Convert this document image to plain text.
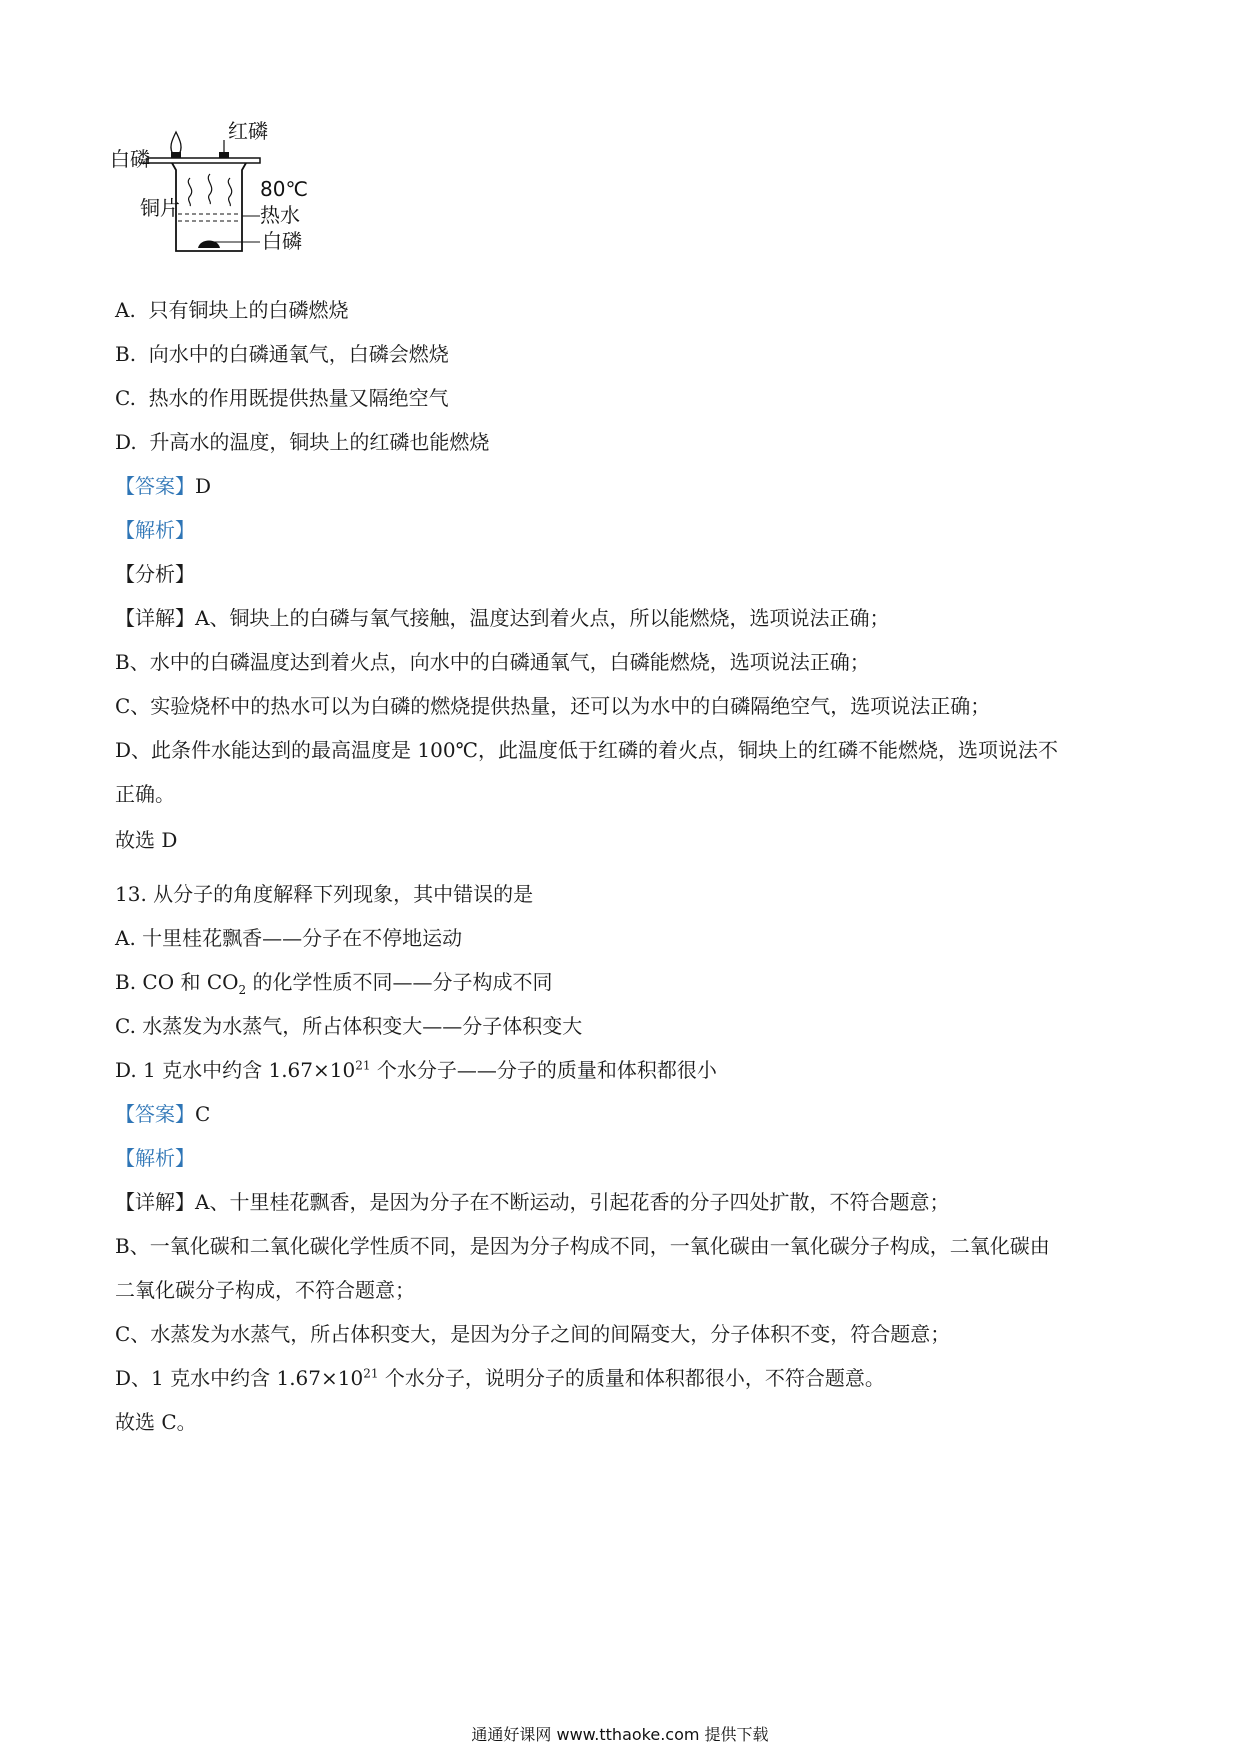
红磷
白磷
铜片
80℃
热水
白磷
A. 只有铜块上的白磷燃烧
B. 向水中的白磷通氧气，白磷会燃烧
C. 热水的作用既提供热量又隔绝空气
D. 升高水的温度，铜块上的红磷也能燃烧
【答案】D
【解析】
【分析】
【详解】A、铜块上的白磷与氧气接触，温度达到着火点，所以能燃烧，选项说法正确；
B、水中的白磷温度达到着火点，向水中的白磷通氧气，白磷能燃烧，选项说法正确；
C、实验烧杯中的热水可以为白磷的燃烧提供热量，还可以为水中的白磷隔绝空气，选项说法正确；
D、此条件水能达到的最高温度是 100℃，此温度低于红磷的着火点，铜块上的红磷不能燃烧，选项说法不
正确。
故选 D
13. 从分子的角度解释下列现象，其中错误的是
A. 十里桂花飘香——分子在不停地运动
B. CO 和 $CO_2$ 的化学性质不同——分子构成不同
C. 水蒸发为水蒸气，所占体积变大——分子体积变大
D. 1 克水中约含 $1.67\times 10^{21}$ 个水分子——分子的质量和体积都很小
【答案】C
【解析】
【详解】A、十里桂花飘香，是因为分子在不断运动，引起花香的分子四处扩散，不符合题意；
B、一氧化碳和二氧化碳化学性质不同，是因为分子构成不同，一氧化碳由一氧化碳分子构成，二氧化碳由
二氧化碳分子构成，不符合题意；
C、水蒸发为水蒸气，所占体积变大，是因为分子之间的间隔变大，分子体积不变，符合题意；
D、1 克水中约含 $1.67\times 10^{21}$ 个水分子，说明分子的质量和体积都很小，不符合题意。
故选 C。
通通好课网 www.tthaoke.com 提供下载
